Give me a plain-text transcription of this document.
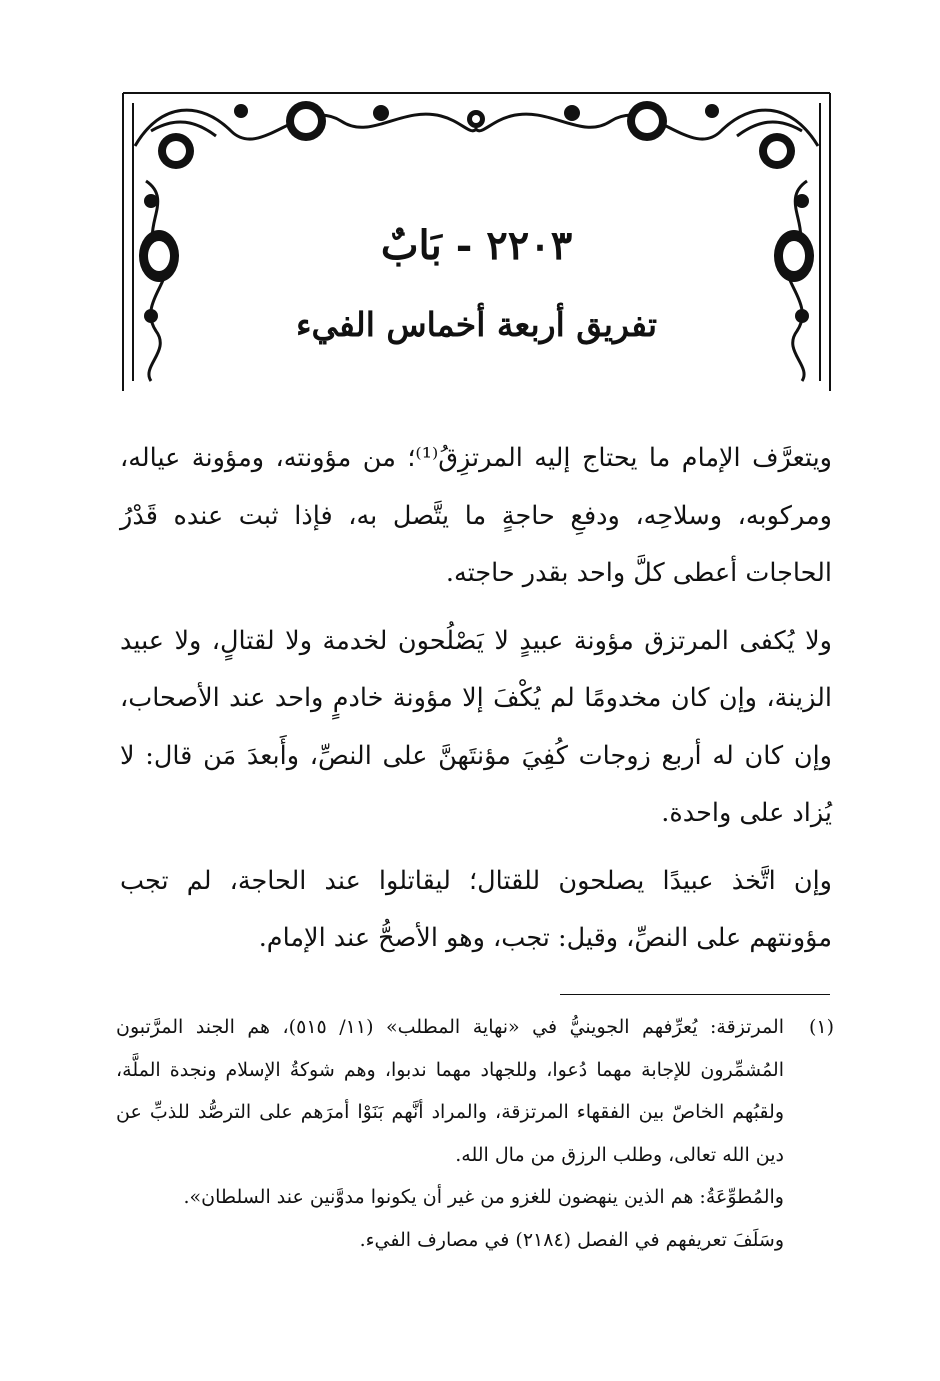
٢٢٠٣ - بَابٌ
تفريق أربعة أخماس الفيء

ويتعرَّف الإمام ما يحتاج إليه المرتزِقُ⁽¹⁾؛ من مؤونته، ومؤونة عياله، ومركوبه، وسلاحِه، ودفعِ حاجةٍ ما يتَّصل به، فإذا ثبت عنده قَدْرُ الحاجات أعطى كلَّ واحد بقدر حاجته.

ولا يُكفى المرتزق مؤونة عبيدٍ لا يَصْلُحون لخدمة ولا لقتالٍ، ولا عبيد الزينة، وإن كان مخدومًا لم يُكْفَ إلا مؤونة خادمٍ واحد عند الأصحاب، وإن كان له أربع زوجات كُفِيَ مؤنتَهنَّ على النصِّ، وأَبعدَ مَن قال: لا يُزاد على واحدة.

وإن اتَّخذ عبيدًا يصلحون للقتال؛ ليقاتلوا عند الحاجة، لم تجب مؤونتهم على النصِّ، وقيل: تجب، وهو الأصحُّ عند الإمام.

(١)

المرتزقة: يُعرِّفهم الجوينيُّ في «نهاية المطلب» (١١/ ٥١٥)، هم الجند المرَّتبون المُشمِّرون للإجابة مهما دُعوا، وللجهاد مهما ندبوا، وهم شوكةُ الإسلام ونجدة الملَّة، ولقبُهم الخاصّ بين الفقهاء المرتزقة، والمراد أنَّهم بَنَوْا أمرَهم على الترصُّد للذبِّ عن دين الله تعالى، وطلب الرزق من مال الله.

والمُطوِّعَةُ: هم الذين ينهضون للغزو من غير أن يكونوا مدوَّنين عند السلطان».

وسَلَفَ تعريفهم في الفصل (٢١٨٤) في مصارف الفيء.
